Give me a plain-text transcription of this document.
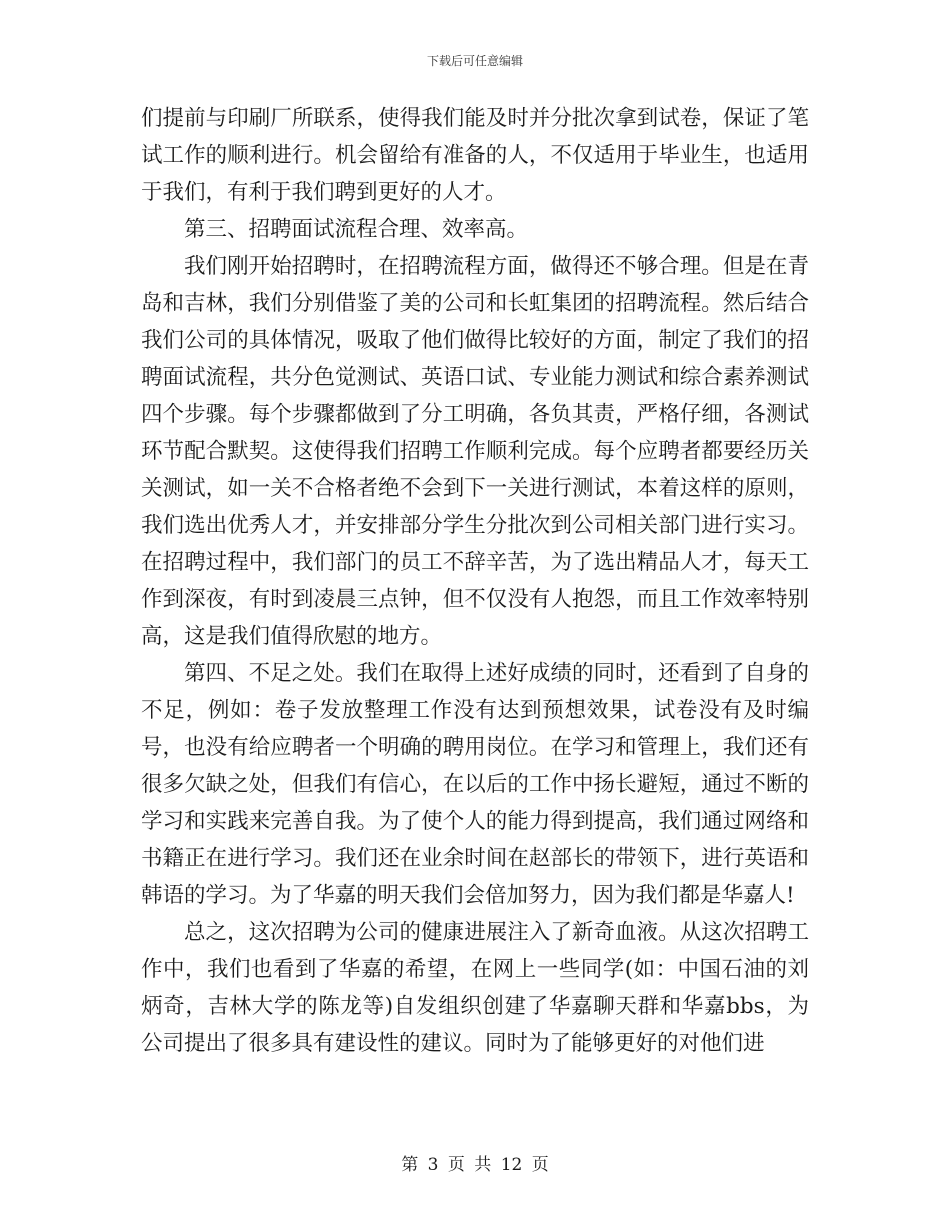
下载后可任意编辑

们提前与印刷厂所联系，使得我们能及时并分批次拿到试卷，保证了笔试工作的顺利进行。机会留给有准备的人，不仅适用于毕业生，也适用于我们，有利于我们聘到更好的人才。

第三、招聘面试流程合理、效率高。

我们刚开始招聘时，在招聘流程方面，做得还不够合理。但是在青岛和吉林，我们分别借鉴了美的公司和长虹集团的招聘流程。然后结合我们公司的具体情况，吸取了他们做得比较好的方面，制定了我们的招聘面试流程，共分色觉测试、英语口试、专业能力测试和综合素养测试四个步骤。每个步骤都做到了分工明确，各负其责，严格仔细，各测试环节配合默契。这使得我们招聘工作顺利完成。每个应聘者都要经历关关测试，如一关不合格者绝不会到下一关进行测试，本着这样的原则，我们选出优秀人才，并安排部分学生分批次到公司相关部门进行实习。在招聘过程中，我们部门的员工不辞辛苦，为了选出精品人才，每天工作到深夜，有时到凌晨三点钟，但不仅没有人抱怨，而且工作效率特别高，这是我们值得欣慰的地方。

第四、不足之处。我们在取得上述好成绩的同时，还看到了自身的不足，例如：卷子发放整理工作没有达到预想效果，试卷没有及时编号，也没有给应聘者一个明确的聘用岗位。在学习和管理上，我们还有很多欠缺之处，但我们有信心，在以后的工作中扬长避短，通过不断的学习和实践来完善自我。为了使个人的能力得到提高，我们通过网络和书籍正在进行学习。我们还在业余时间在赵部长的带领下，进行英语和韩语的学习。为了华嘉的明天我们会倍加努力，因为我们都是华嘉人!

总之，这次招聘为公司的健康进展注入了新奇血液。从这次招聘工作中，我们也看到了华嘉的希望，在网上一些同学(如：中国石油的刘炳奇，吉林大学的陈龙等)自发组织创建了华嘉聊天群和华嘉bbs，为公司提出了很多具有建设性的建议。同时为了能够更好的对他们进

第 3 页 共 12 页
